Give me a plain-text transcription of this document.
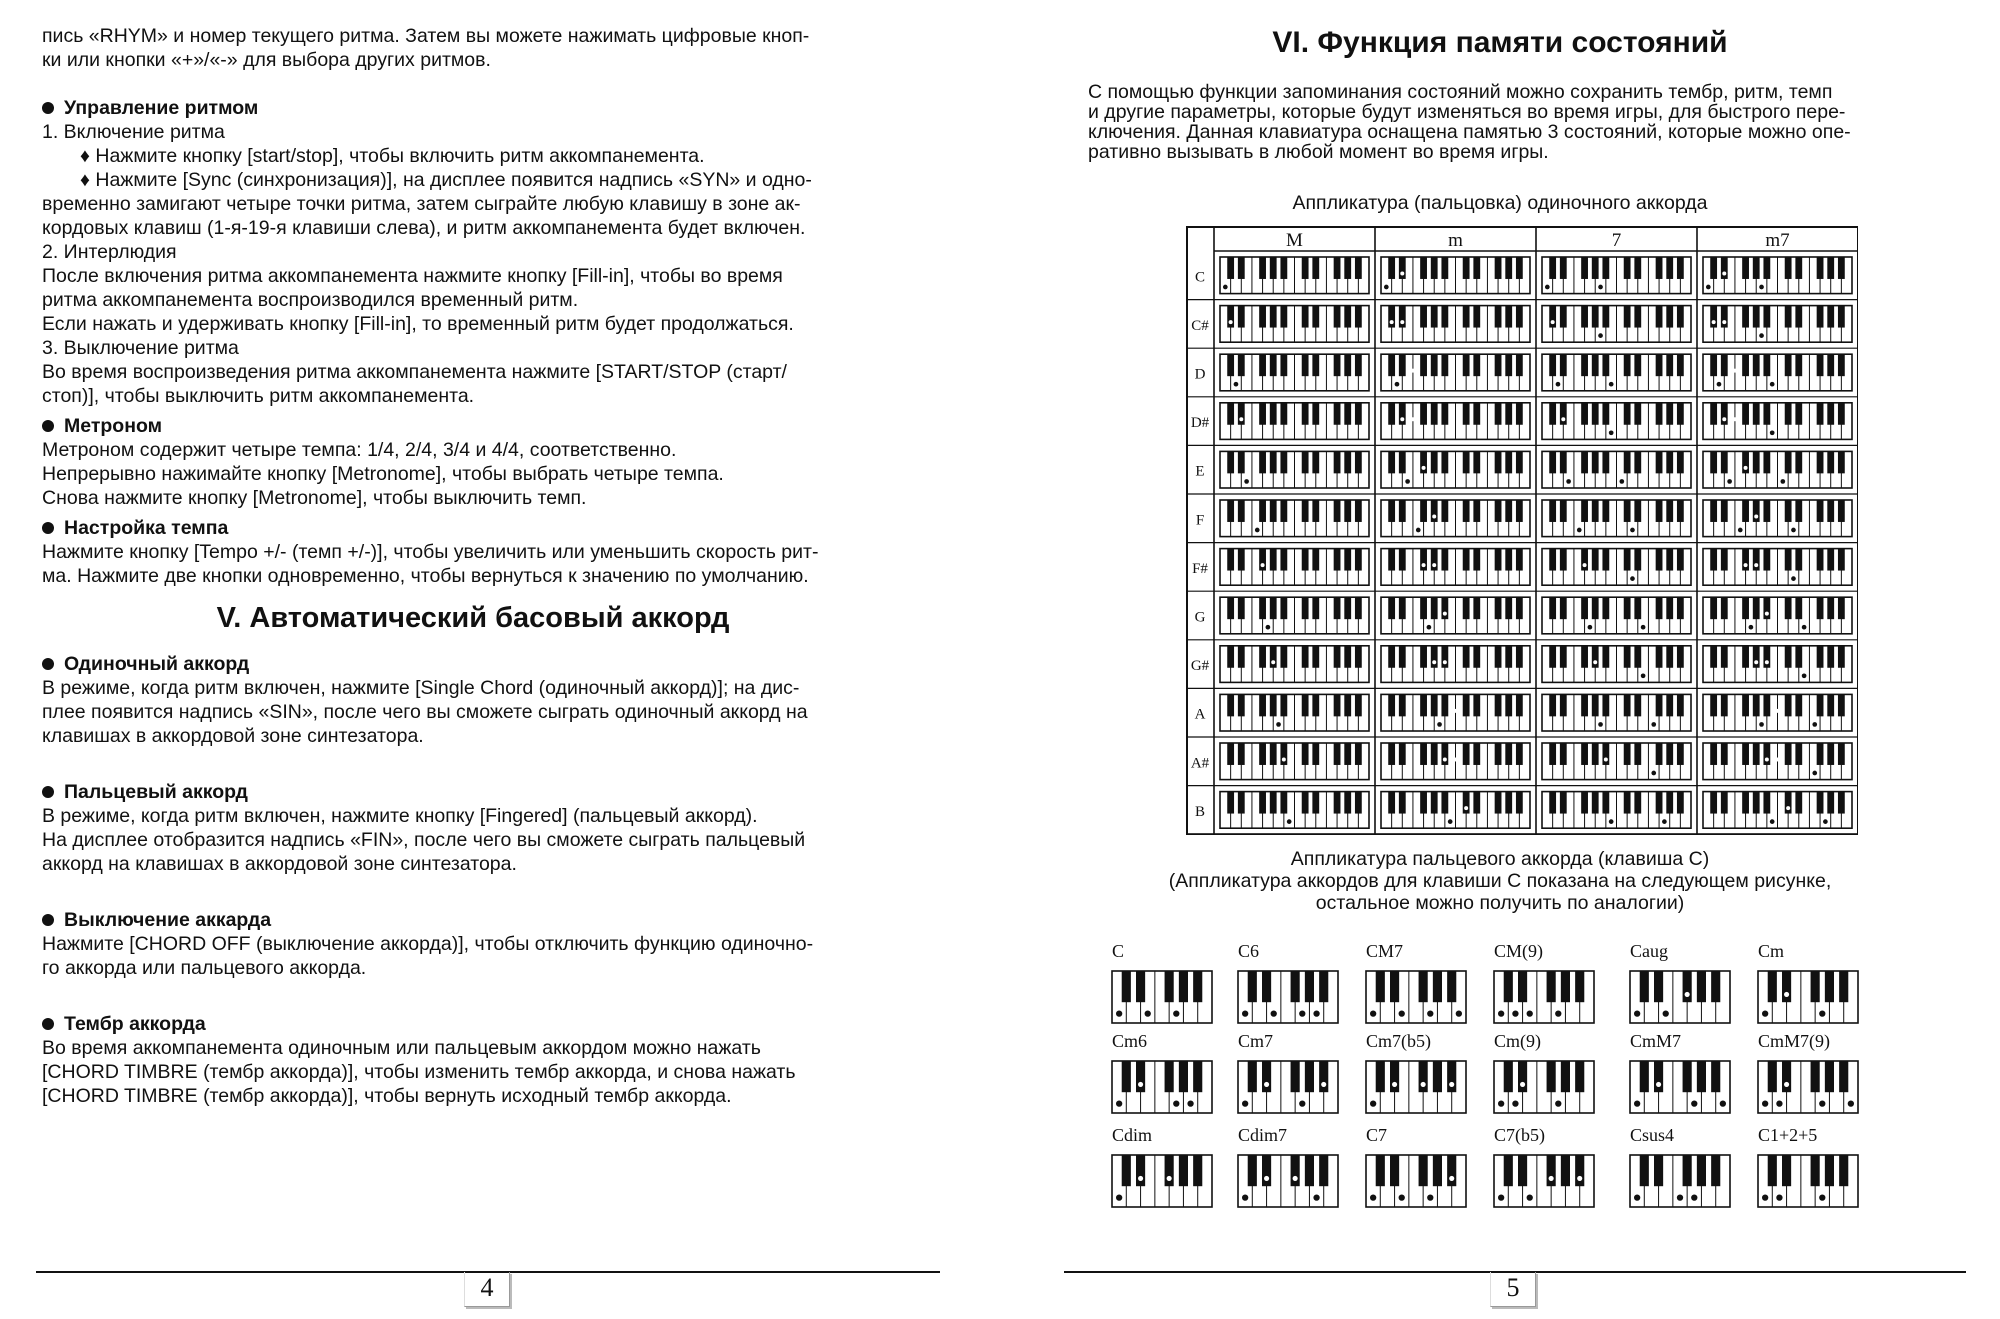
пись «RHYM» и номер текущего ритма. Затем вы можете нажимать цифровые кноп-
ки или кнопки «+»/«-» для выбора других ритмов.

Управление ритмом

1. Включение ритма
♦ Нажмите кнопку [start/stop], чтобы включить ритм аккомпанемента.
♦ Нажмите [Sync (синхронизация)], на дисплее появится надпись «SYN» и одно-
временно замигают четыре точки ритма, затем сыграйте любую клавишу в зоне ак-
кордовых клавиш (1-я-19-я клавиши слева), и ритм аккомпанемента будет включен.
2. Интерлюдия
После включения ритма аккомпанемента нажмите кнопку [Fill-in], чтобы во время
ритма аккомпанемента воспроизводился временный ритм.
Если нажать и удерживать кнопку [Fill-in], то временный ритм будет продолжаться.
3. Выключение ритма
Во время воспроизведения ритма аккомпанемента нажмите [START/STOP (старт/
стоп)], чтобы выключить ритм аккомпанемента.

Метроном

Метроном содержит четыре темпа: 1/4, 2/4, 3/4 и 4/4, соответственно.
Непрерывно нажимайте кнопку [Metronome], чтобы выбрать четыре темпа.
Снова нажмите кнопку [Metronome], чтобы выключить темп.

Настройка темпа

Нажмите кнопку [Tempo +/- (темп +/-)], чтобы увеличить или уменьшить скорость рит-
ма. Нажмите две кнопки одновременно, чтобы вернуться к значению по умолчанию.

V. Автоматический басовый аккорд
Одиночный аккорд

В режиме, когда ритм включен, нажмите [Single Chord (одиночный аккорд)]; на дис-
плее появится надпись «SIN», после чего вы сможете сыграть одиночный аккорд на
клавишах в аккордовой зоне синтезатора.

Пальцевый аккорд

В режиме, когда ритм включен, нажмите кнопку [Fingered] (пальцевый аккорд).
На дисплее отобразится надпись «FIN», после чего вы сможете сыграть пальцевый
аккорд на клавишах в аккордовой зоне синтезатора.

Выключение аккарда

Нажмите [CHORD OFF (выключение аккорда)], чтобы отключить функцию одиночно-
го аккорда или пальцевого аккорда.

Тембр аккорда

Во время аккомпанемента одиночным или пальцевым аккордом можно нажать
[CHORD TIMBRE (тембр аккорда)], чтобы изменить тембр аккорда, и снова нажать
[CHORD TIMBRE (тембр аккорда)], чтобы вернуть исходный тембр аккорда.

4
VI. Функция памяти состояний

С помощью функции запоминания состояний можно сохранить тембр, ритм, темп
и другие параметры, которые будут изменяться во время игры, для быстрого пере-
ключения. Данная клавиатура оснащена памятью 3 состояний, которые можно опе-
ративно вызывать в любой момент во время игры.

Аппликатура (пальцовка) одиночного аккорда
M	m	7	m7
C
C#
D
D#
E
F
F#
G
G#
A
A#
B
Аппликатура пальцевого аккорда (клавиша C)
(Аппликатура аккордов для клавиши C показана на следующем рисунке,
остальное можно получить по аналогии)
C	C6	CM7	CM(9)	Caug	Cm
Cm6	Cm7	Cm7(b5)	Cm(9)	CmM7	CmM7(9)
Cdim	Cdim7	C7	C7(b5)	Csus4	C1+2+5
5
